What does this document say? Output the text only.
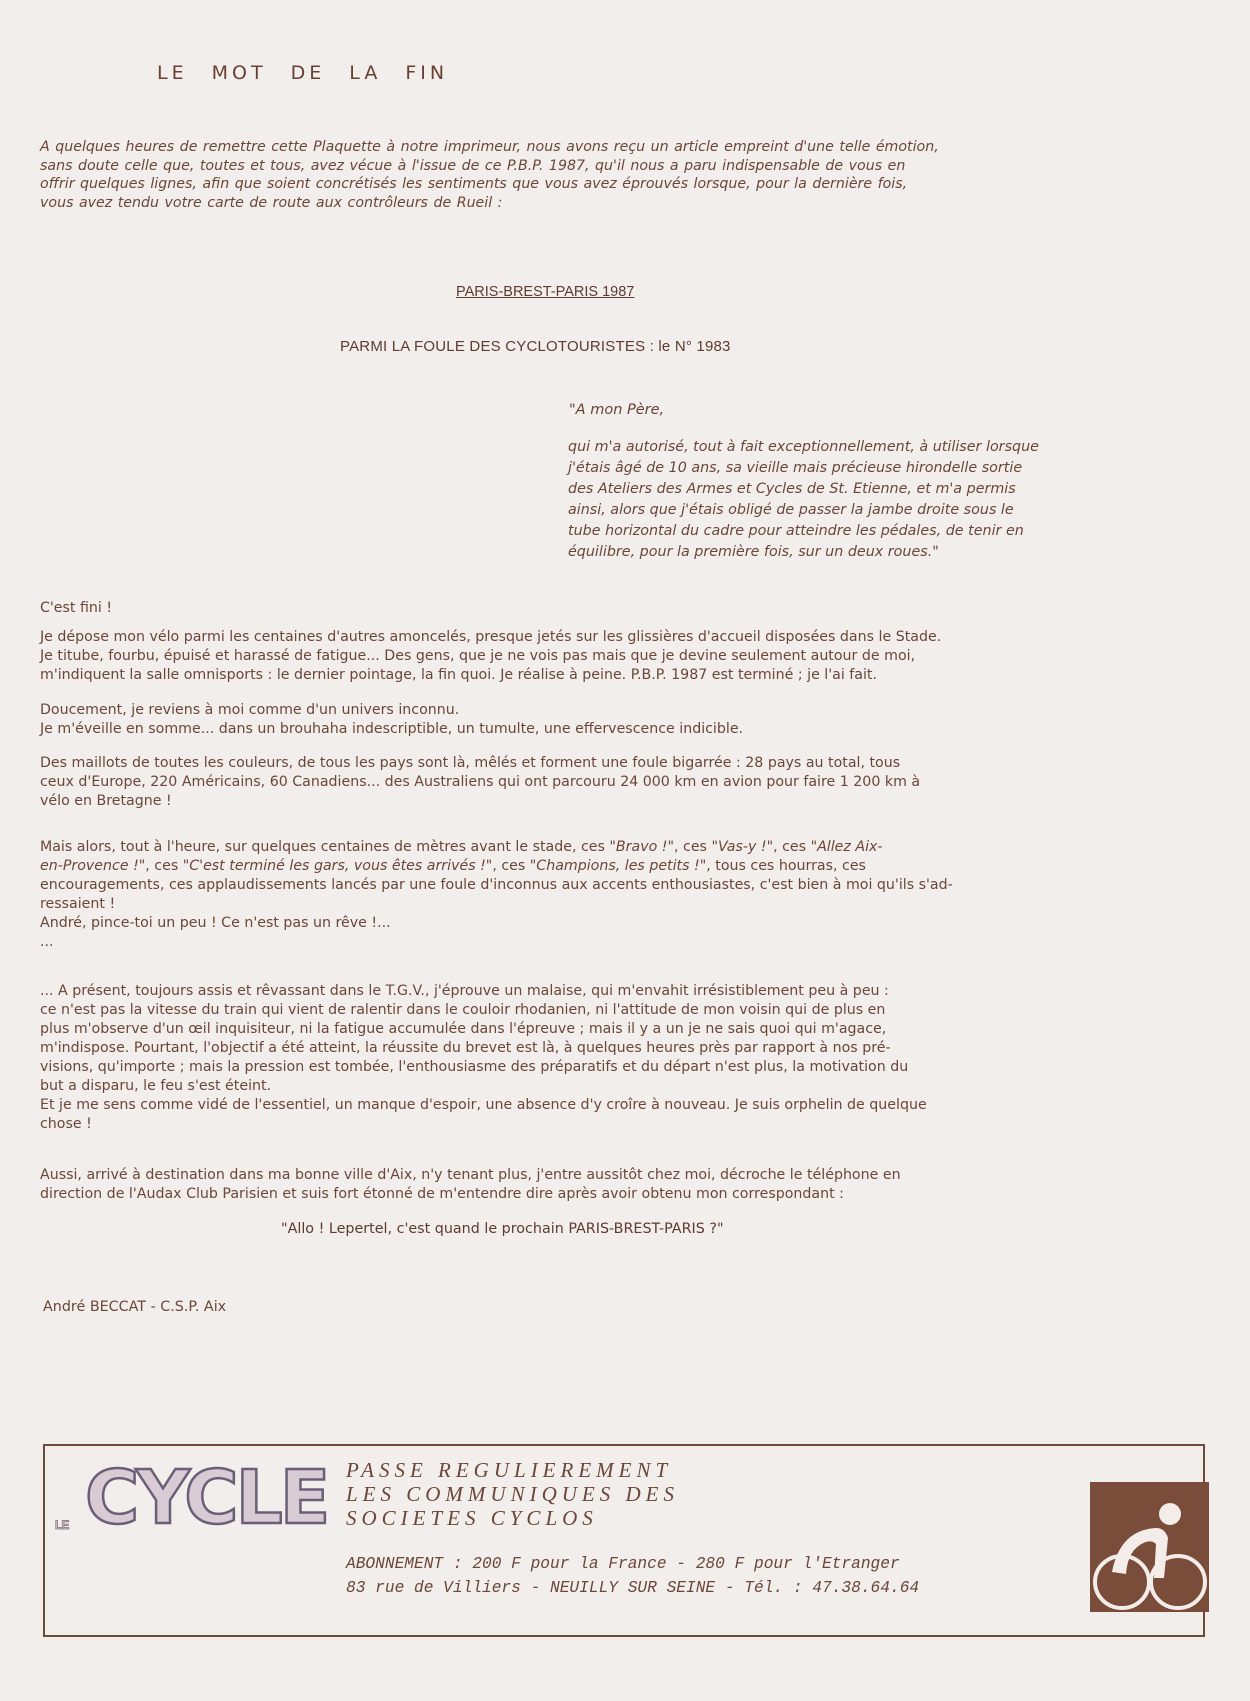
LE MOT DE LA FIN
A quelques heures de remettre cette Plaquette à notre imprimeur, nous avons reçu un article empreint d'une telle émotion,
sans doute celle que, toutes et tous, avez vécue à l'issue de ce P.B.P. 1987, qu'il nous a paru indispensable de vous en
offrir quelques lignes, afin que soient concrétisés les sentiments que vous avez éprouvés lorsque, pour la dernière fois,
vous avez tendu votre carte de route aux contrôleurs de Rueil :
PARIS-BREST-PARIS 1987
PARMI LA FOULE DES CYCLOTOURISTES : le N° 1983
"A mon Père,
qui m'a autorisé, tout à fait exceptionnellement, à utiliser lorsque
j'étais âgé de 10 ans, sa vieille mais précieuse hirondelle sortie
des Ateliers des Armes et Cycles de St. Etienne, et m'a permis
ainsi, alors que j'étais obligé de passer la jambe droite sous le
tube horizontal du cadre pour atteindre les pédales, de tenir en
équilibre, pour la première fois, sur un deux roues."
C'est fini !
Je dépose mon vélo parmi les centaines d'autres amoncelés, presque jetés sur les glissières d'accueil disposées dans le Stade.
Je titube, fourbu, épuisé et harassé de fatigue... Des gens, que je ne vois pas mais que je devine seulement autour de moi,
m'indiquent la salle omnisports : le dernier pointage, la fin quoi. Je réalise à peine. P.B.P. 1987 est terminé ; je l'ai fait.
Doucement, je reviens à moi comme d'un univers inconnu.
Je m'éveille en somme... dans un brouhaha indescriptible, un tumulte, une effervescence indicible.
Des maillots de toutes les couleurs, de tous les pays sont là, mêlés et forment une foule bigarrée : 28 pays au total, tous
ceux d'Europe, 220 Américains, 60 Canadiens... des Australiens qui ont parcouru 24 000 km en avion pour faire 1 200 km à
vélo en Bretagne !
Mais alors, tout à l'heure, sur quelques centaines de mètres avant le stade, ces "Bravo !", ces "Vas-y !", ces "Allez Aix-
en-Provence !", ces "C'est terminé les gars, vous êtes arrivés !", ces "Champions, les petits !", tous ces hourras, ces
encouragements, ces applaudissements lancés par une foule d'inconnus aux accents enthousiastes, c'est bien à moi qu'ils s'ad-
ressaient !
André, pince-toi un peu ! Ce n'est pas un rêve !...
...
... A présent, toujours assis et rêvassant dans le T.G.V., j'éprouve un malaise, qui m'envahit irrésistiblement peu à peu :
ce n'est pas la vitesse du train qui vient de ralentir dans le couloir rhodanien, ni l'attitude de mon voisin qui de plus en
plus m'observe d'un œil inquisiteur, ni la fatigue accumulée dans l'épreuve ; mais il y a un je ne sais quoi qui m'agace,
m'indispose. Pourtant, l'objectif a été atteint, la réussite du brevet est là, à quelques heures près par rapport à nos pré-
visions, qu'importe ; mais la pression est tombée, l'enthousiasme des préparatifs et du départ n'est plus, la motivation du
but a disparu, le feu s'est éteint.
Et je me sens comme vidé de l'essentiel, un manque d'espoir, une absence d'y croîre à nouveau. Je suis orphelin de quelque
chose !
Aussi, arrivé à destination dans ma bonne ville d'Aix, n'y tenant plus, j'entre aussitôt chez moi, décroche le téléphone en
direction de l'Audax Club Parisien et suis fort étonné de m'entendre dire après avoir obtenu mon correspondant :
"Allo ! Lepertel, c'est quand le prochain PARIS-BREST-PARIS ?"
André BECCAT - C.S.P. Aix
LE CYCLE PASSE REGULIEREMENT
LES COMMUNIQUES DES
SOCIETES CYCLOS
ABONNEMENT : 200 F pour la France - 280 F pour l'Etranger
83 rue de Villiers - NEUILLY SUR SEINE - Tél. : 47.38.64.64
